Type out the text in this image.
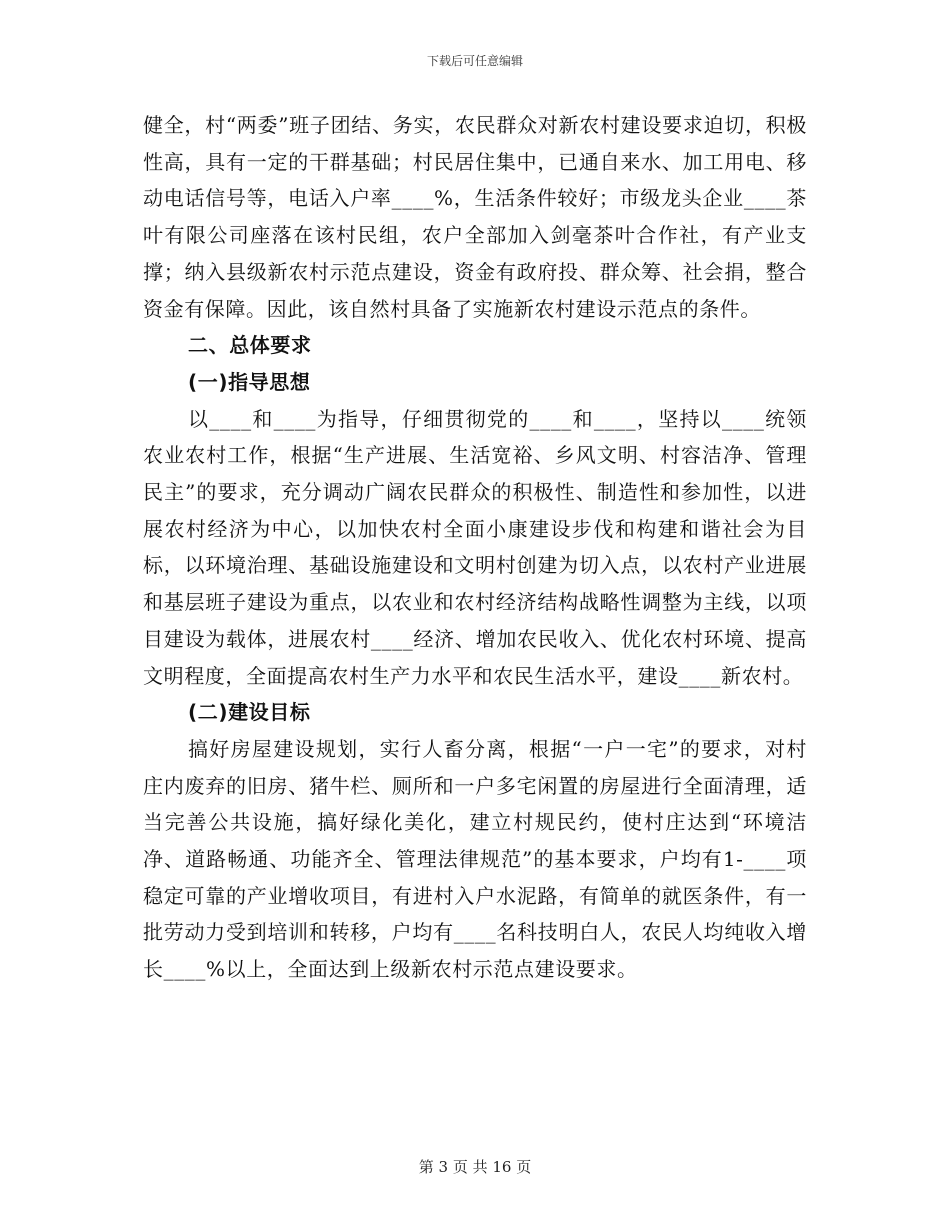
下载后可任意编辑

健全，村“两委”班子团结、务实，农民群众对新农村建设要求迫切，积极性高，具有一定的干群基础；村民居住集中，已通自来水、加工用电、移动电话信号等，电话入户率____%，生活条件较好；市级龙头企业____茶叶有限公司座落在该村民组，农户全部加入剑毫茶叶合作社，有产业支撑；纳入县级新农村示范点建设，资金有政府投、群众筹、社会捐，整合资金有保障。因此，该自然村具备了实施新农村建设示范点的条件。

二、总体要求

(一)指导思想

以____和____为指导，仔细贯彻党的____和____，坚持以____统领农业农村工作，根据“生产进展、生活宽裕、乡风文明、村容洁净、管理民主”的要求，充分调动广阔农民群众的积极性、制造性和参加性，以进展农村经济为中心，以加快农村全面小康建设步伐和构建和谐社会为目标，以环境治理、基础设施建设和文明村创建为切入点，以农村产业进展和基层班子建设为重点，以农业和农村经济结构战略性调整为主线，以项目建设为载体，进展农村____经济、增加农民收入、优化农村环境、提高文明程度，全面提高农村生产力水平和农民生活水平，建设____新农村。

(二)建设目标

搞好房屋建设规划，实行人畜分离，根据“一户一宅”的要求，对村庄内废弃的旧房、猪牛栏、厕所和一户多宅闲置的房屋进行全面清理，适当完善公共设施，搞好绿化美化，建立村规民约，使村庄达到“环境洁净、道路畅通、功能齐全、管理法律规范”的基本要求，户均有1-____项稳定可靠的产业增收项目，有进村入户水泥路，有简单的就医条件，有一批劳动力受到培训和转移，户均有____名科技明白人，农民人均纯收入增长____%以上，全面达到上级新农村示范点建设要求。

第 3 页 共 16 页
